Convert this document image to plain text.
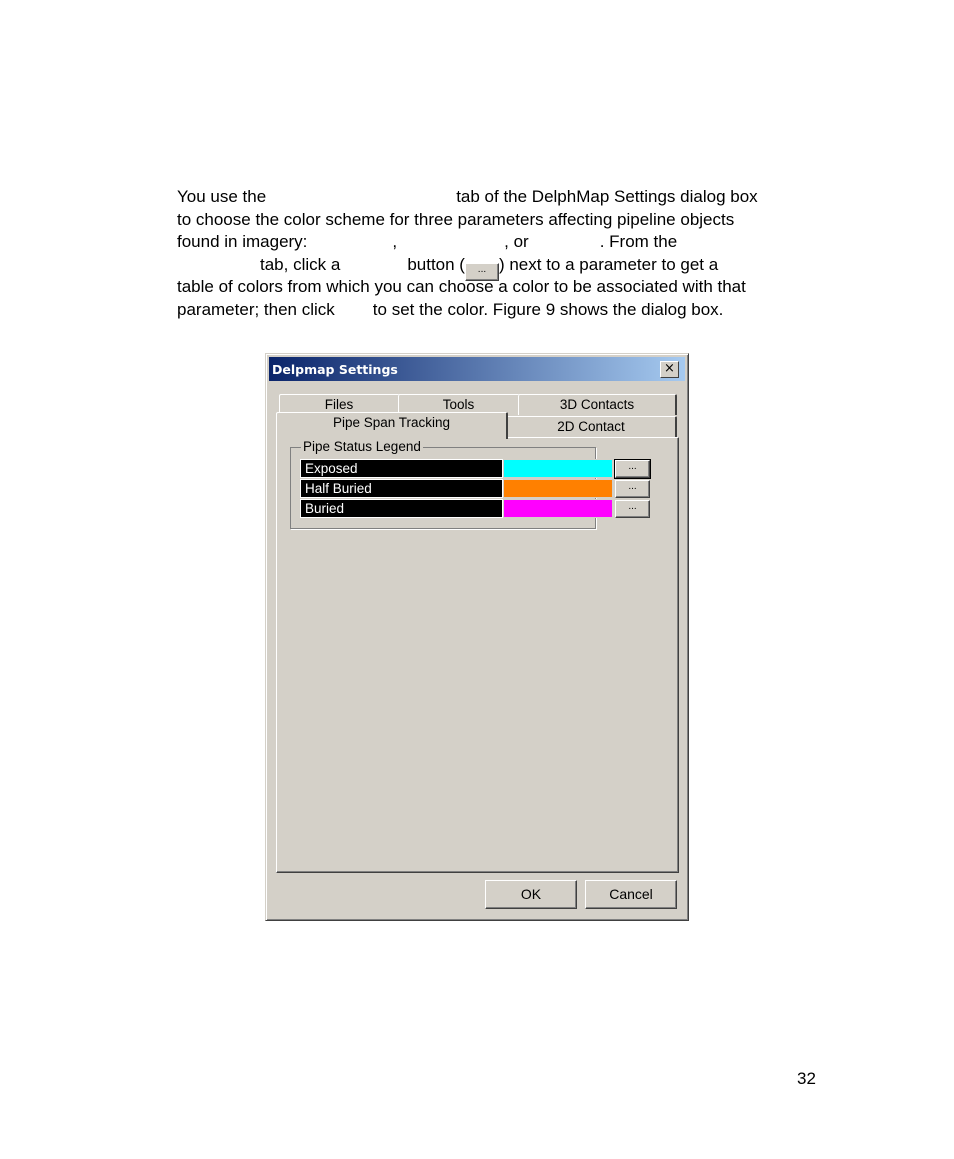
You use the	tab of the DelphMap Settings dialog box
to choose the color scheme for three parameters affecting pipeline objects
found in imagery:	,	, or	. From the
tab, click a	button ( ... ) next to a parameter to get a
table of colors from which you can choose a color to be associated with that
parameter; then click to set the color. Figure 9 shows the dialog box.
Delpmap Settings	×
Files	Tools	3D Contacts
2D Contact
Pipe Span Tracking
Pipe Status Legend
Exposed	...
Half Buried	...
Buried	...
OK	Cancel
32
